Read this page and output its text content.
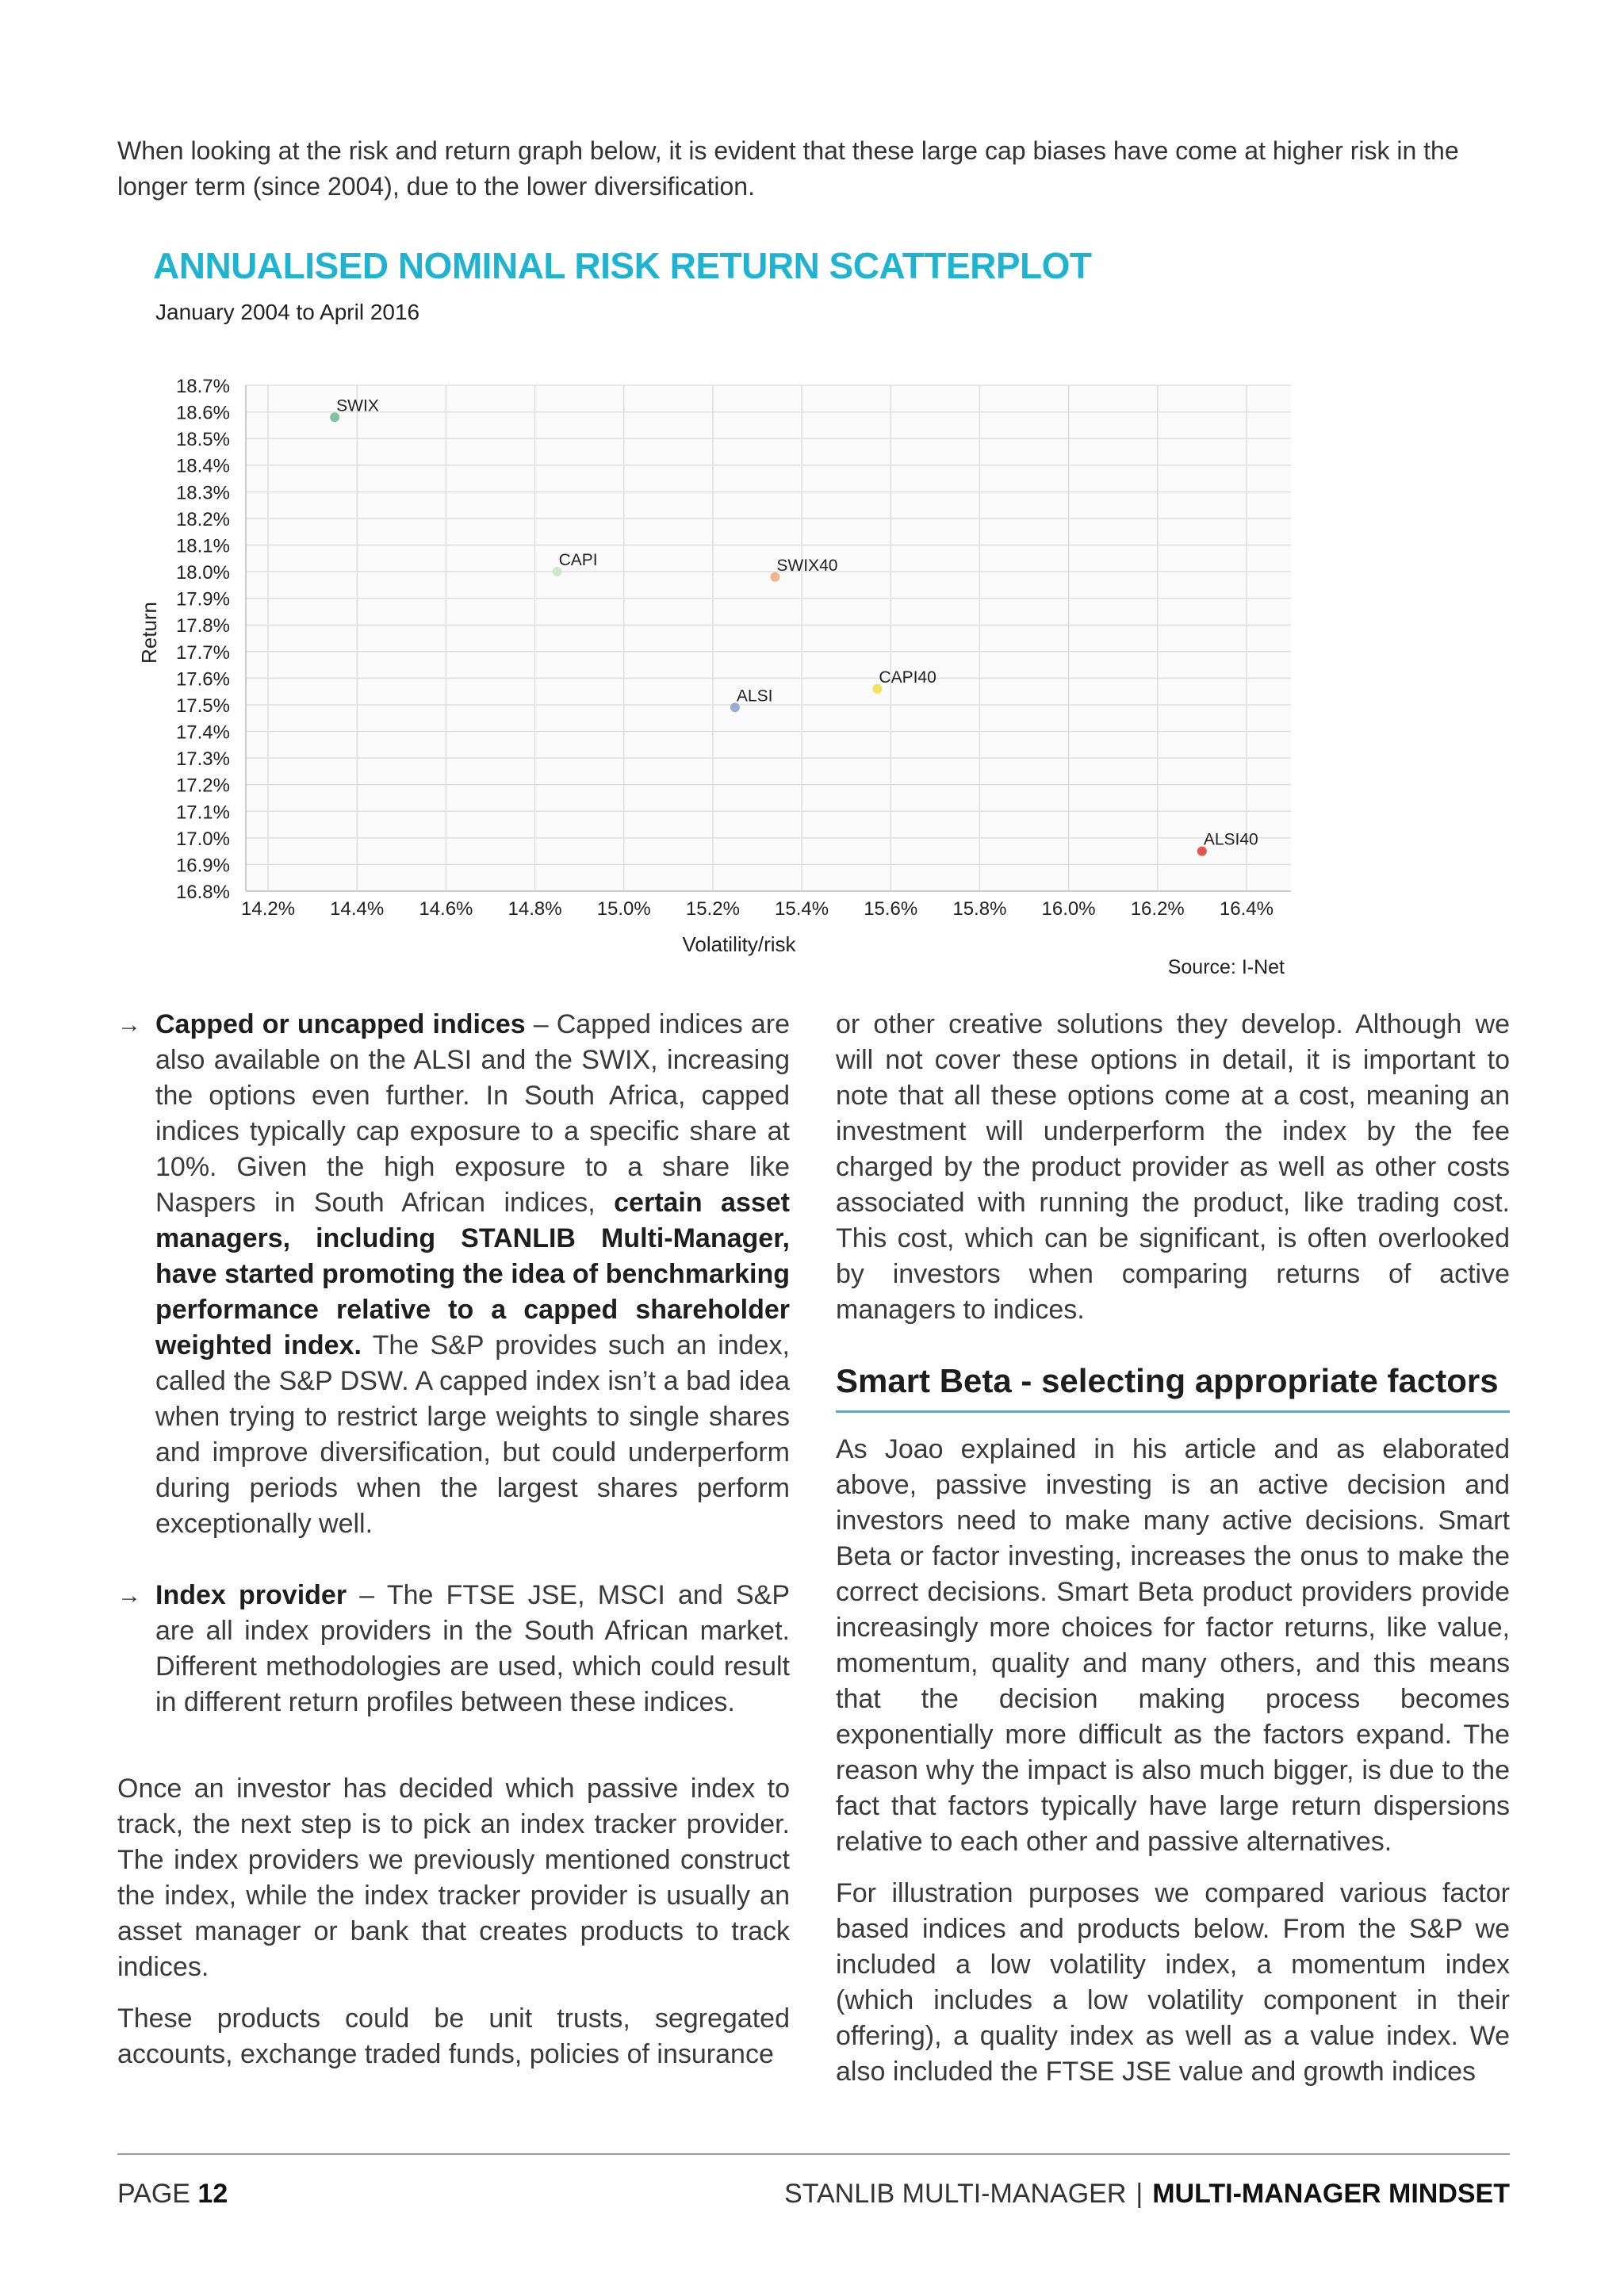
When looking at the risk and return graph below, it is evident that these large cap biases have come at higher risk in the longer term (since 2004), due to the lower diversification.
ANNUALISED NOMINAL RISK RETURN SCATTERPLOT
January 2004 to April 2016
18.7%
18.6%
18.5%
18.4%
18.3%
18.2%
18.1%
18.0%
17.9%
17.8%
17.7%
17.6%
17.5%
17.4%
17.3%
17.2%
17.1%
17.0%
16.9%
16.8%
14.2% 14.4% 14.6% 14.8% 15.0% 15.2% 15.4% 15.6% 15.8% 16.0% 16.2% 16.4%
SWIX
CAPI	SWIX40
ALSI
CAPI40
ALSI40
Return
Volatility/risk
Source: I-Net
→ Capped or uncapped indices – Capped indices are also available on the ALSI and the SWIX, increasing the options even further. In South Africa, capped indices typically cap exposure to a specific share at 10%. Given the high exposure to a share like Naspers in South African indices, certain asset managers, including STANLIB Multi-Manager, have started promoting the idea of benchmarking performance relative to a capped shareholder weighted index. The S&P provides such an index, called the S&P DSW. A capped index isn’t a bad idea when trying to restrict large weights to single shares and improve diversification, but could underperform during periods when the largest shares perform exceptionally well.

→ Index provider – The FTSE JSE, MSCI and S&P are all index providers in the South African market. Different methodologies are used, which could result in different return profiles between these indices.

Once an investor has decided which passive index to track, the next step is to pick an index tracker provider. The index providers we previously mentioned construct the index, while the index tracker provider is usually an asset manager or bank that creates products to track indices.

These products could be unit trusts, segregated accounts, exchange traded funds, policies of insurance

or other creative solutions they develop. Although we will not cover these options in detail, it is important to note that all these options come at a cost, meaning an investment will underperform the index by the fee charged by the product provider as well as other costs associated with running the product, like trading cost. This cost, which can be significant, is often overlooked by investors when comparing returns of active managers to indices.

Smart Beta - selecting appropriate factors

As Joao explained in his article and as elaborated above, passive investing is an active decision and investors need to make many active decisions. Smart Beta or factor investing, increases the onus to make the correct decisions. Smart Beta product providers provide increasingly more choices for factor returns, like value, momentum, quality and many others, and this means that the decision making process becomes exponentially more difficult as the factors expand. The reason why the impact is also much bigger, is due to the fact that factors typically have large return dispersions relative to each other and passive alternatives.

For illustration purposes we compared various factor based indices and products below. From the S&P we included a low volatility index, a momentum index (which includes a low volatility component in their offering), a quality index as well as a value index. We also included the FTSE JSE value and growth indices

PAGE 12	STANLIB MULTI-MANAGER | MULTI-MANAGER MINDSET
